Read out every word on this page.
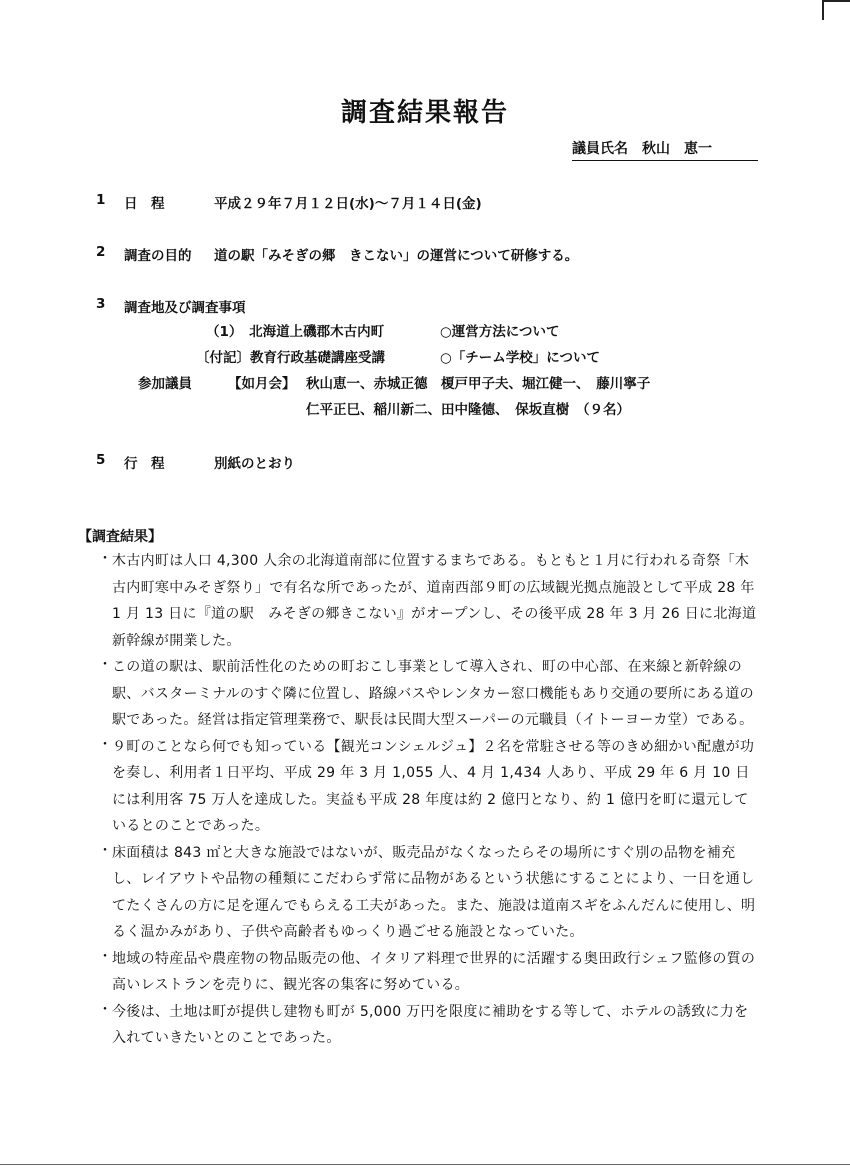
調査結果報告
議員氏名 秋山　恵一
1 日　程	平成２９年７月１２日(水)～７月１４日(金)
2 調査の目的 道の駅「みそぎの郷　きこない」の運営について研修する。
3 調査地及び調査事項
（1）　北海道上磯郡木古内町	○運営方法について
〔付記〕教育行政基礎講座受講	○「チーム学校」について
参加議員	【如月会】 秋山恵一、赤城正德　榎戸甲子夫、堀江健一、　藤川寧子
仁平正巳、稲川新二、田中隆德、　保坂直樹　（９名）
5 行　程	別紙のとおり
【調査結果】

・ 木古内町は人口 4,300 人余の北海道南部に位置するまちである。もともと１月に行われる奇祭「木古内町寒中みそぎ祭り」で有名な所であったが、道南西部９町の広域観光拠点施設として平成 28 年 1 月 13 日に『道の駅　みそぎの郷きこない』がオープンし、その後平成 28 年 3 月 26 日に北海道新幹線が開業した。

・ この道の駅は、駅前活性化のための町おこし事業として導入され、町の中心部、在来線と新幹線の駅、バスターミナルのすぐ隣に位置し、路線バスやレンタカー窓口機能もあり交通の要所にある道の駅であった。経営は指定管理業務で、駅長は民間大型スーパーの元職員（イトーヨーカ堂）である。

・ ９町のことなら何でも知っている【観光コンシェルジュ】２名を常駐させる等のきめ細かい配慮が功を奏し、利用者１日平均、平成 29 年 3 月 1,055 人、4 月 1,434 人あり、平成 29 年 6 月 10 日には利用客 75 万人を達成した。実益も平成 28 年度は約 2 億円となり、約 1 億円を町に還元しているとのことであった。

・ 床面積は 843 ㎡と大きな施設ではないが、販売品がなくなったらその場所にすぐ別の品物を補充し、レイアウトや品物の種類にこだわらず常に品物があるという状態にすることにより、一日を通してたくさんの方に足を運んでもらえる工夫があった。また、施設は道南スギをふんだんに使用し、明るく温かみがあり、子供や高齢者もゆっくり過ごせる施設となっていた。

・ 地域の特産品や農産物の物品販売の他、イタリア料理で世界的に活躍する奥田政行シェフ監修の質の高いレストランを売りに、観光客の集客に努めている。

・ 今後は、土地は町が提供し建物も町が 5,000 万円を限度に補助をする等して、ホテルの誘致に力を入れていきたいとのことであった。
